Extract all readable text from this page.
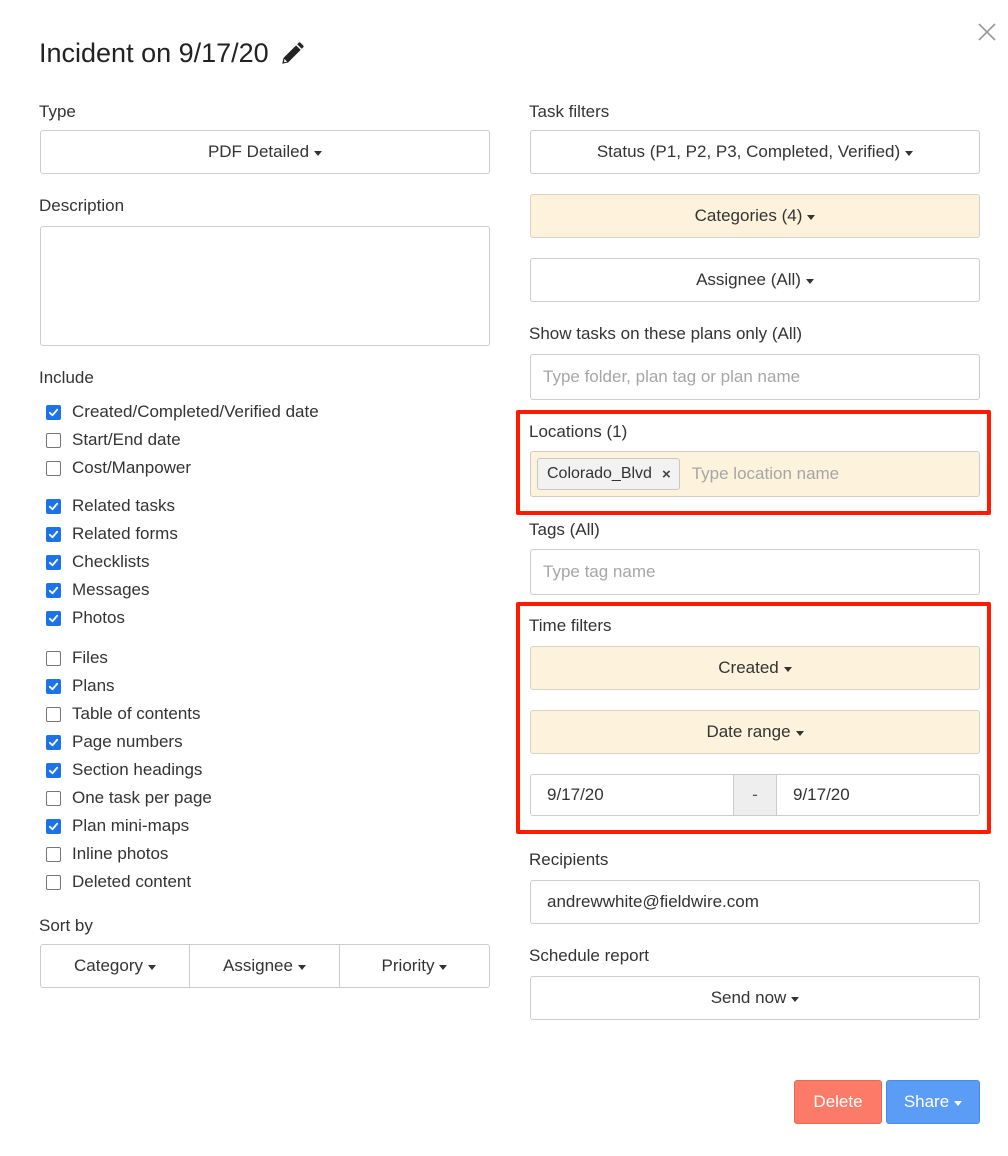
Incident on 9/17/20
Type
PDF Detailed
Description
Include
Created/Completed/Verified date
Start/End date
Cost/Manpower
Related tasks
Related forms
Checklists
Messages
Photos
Files
Plans
Table of contents
Page numbers
Section headings
One task per page
Plan mini-maps
Inline photos
Deleted content
Sort by
Category	Assignee	Priority
Task filters
Status (P1, P2, P3, Completed, Verified)
Categories (4)
Assignee (All)
Show tasks on these plans only (All)
Type folder, plan tag or plan name
Locations (1)
Colorado_Blvd × Type location name
Tags (All)
Type tag name
Time filters
Created
Date range
9/17/20	-	9/17/20
Recipients
andrewwhite@fieldwire.com
Schedule report
Send now
Delete Share
